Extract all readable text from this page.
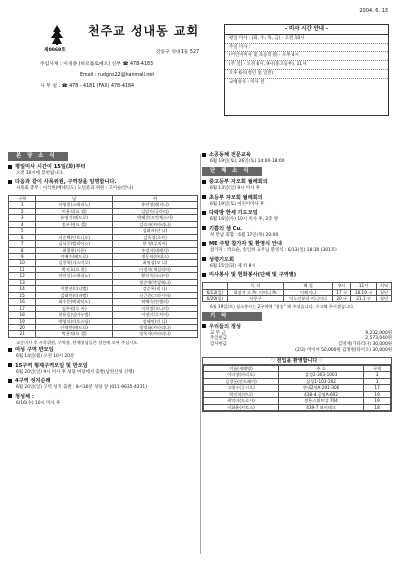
2004. 6. 13
제0069호
천주교 성내동 교회
강동구 성내1동 527
주임사제 : 이경종 (바르톨로메오) 신부 ☎ 478-4183
Email : rudgns22@hanmail.net
사 무 실 : ☎ 478 - 4181 (FAX) 478-4184
- 미사 시간 안내 -
평일 미사 : (화, 수, 목, 금) - 오전 10시
주일 미사 :
(어린이미사 및 초등학생) - 오후 4시
(주 일) - 오전 6시, 9시(중고등부), 11시
오후 6시(청년 및 일반)
교배성사 : 미사 전
본 당 소 식
평일미사 시간이 15일(화)부터
오전 10시에 봉헌됩니다.
다음과 같이 사목위원, 구역장을 임명합니다.
사목회 총무 : 이석현(베네딕도) 노년분과 위원 : 고미순(안나)
구역	남	여
1	이영종(스테파노)	홍연정(레지나)
2	이용식(요 셉)	김말숙(글라라)
3	유영기(베드로)	박혜순(프란체스카)
4	송우천(요 셉)	김숙자(카타리나)
5		김화자(안 나)
6	서순택(안토니오)	김옥경(로사)
7	김식중(엘리아스)	한 영(루치아)
8	최광현(시몬)	우정자(데레사)
9	이배수(베드로)	정동희(아녜스)
10	김창학(가스미로)	최명심(모 니)
11	박지호(요 한)	이정자(세실리아)
12	이연신(스테파노)	황선숙(소피아)
13		정순애(막달레나)
14	이황선(다니엘)	강순옥(리 나)
15	김태인(라파엘)	신근순(그라시아)
16	최수문(베네딕도)	허혜숙(안젤라)
17	김주원(루 카)	이희정(모니카)
18	현용일(임마누엘)	이정인(루치아)
19	박영석(아오스딩)	장해연(안 나)
20	안재만(베드로)	정정화(카타리나)
21	박용직(요 셉)	정옥자(카타리나)
교중미사 후 사목위원, 구역장, 단체장님들은 성전에 모여 주십시오.
여성 구역 반모임
6월 14일(월) 오전 10시 20분
15구역 형제구역모임 및 반모임
6월 20일(일) 9시 미사 후 성당 마당에서 출발(남한산성 산행)
4구역 성지순례
6월 20일(일) 구역 성지 출발 : 8시30분 성당 앞 (011-9635-4231)
청성체 :
6/16(수) 10시 미사 후
소공동체 전문교육
6월 19일(토), 26일(토) 14:00-18:00
단 체 소 식
중고등부 자모회 월례회의
6월 13일(일) 9시 미사 후
초등부 자모회 월례회의
6월 19일(토) 어린이미사 후
다락방 한세 기도모임
6월 16일(수) 10시 미사 후, 2층 방
기쁨의 샘 Cu.
첫 만남 회합 : 6월 17일(목) 20:00
ME 주말 참가자 및 환영식 안내
참가자 : 박요순, 송인희 교우님 환영식 : 6/13(일) 18:30 (301호)
성령기도회
6월 15일(화) 제 차 8시
미사봉사 및 헌화봉사(단체 및 구역별)
	독 서	해 설	9시	11시	저녁
6/13(일)	회장자 로 Pr. 이어니 Pr.	이레지나	17 구	18,19 구	청년
6/20(일)	사무구	이노인분과 어니이나	20 구	21,1 구	청년
6월 19일(토) 청소봉사는 2구역에 "청송" 해 주셨습니다. 수고해 주시겠습니다.
기 타
우리들의 정성
교 무 금	9,232,000원
주일헌금	2,573,040원
감사헌금	김영재(가타리나) 30,000원
(2/2) 어이어 50,000원 김정원(타이오) 30,000원
♡ 전입을 환영합니다 ♡
이름(세례명)	주 소	구역
이미정(마리오)	삼성2-303-1003	3
김경돈(안드레아)	삼성1-103-202	3
고영수(루시오)	현대2차A-201-306	17
박진희(안나)	438-4 공영A-602	19
곽덕이(도로시)	쌍용스위트앙 704	19
이화윤(카토스)	439-7 보이테크	18
